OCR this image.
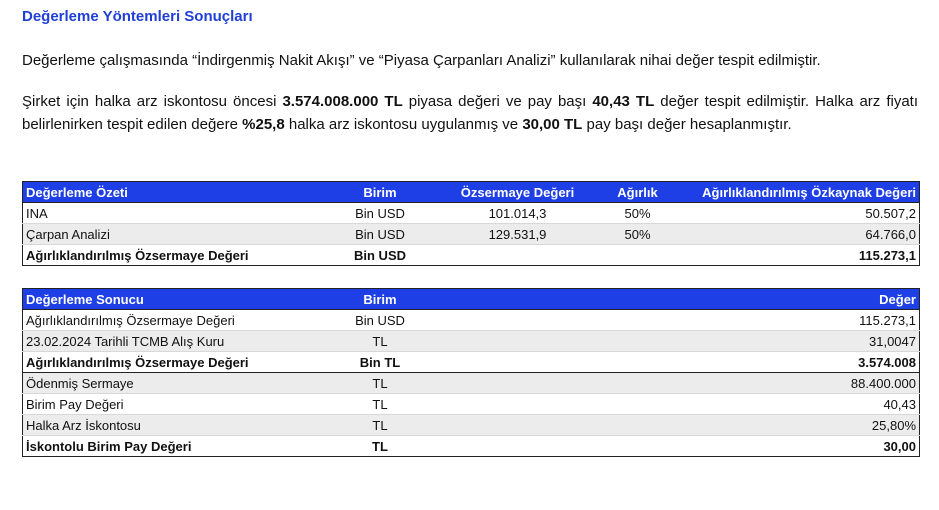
Değerleme Yöntemleri Sonuçları

Değerleme çalışmasında “İndirgenmiş Nakit Akışı” ve “Piyasa Çarpanları Analizi” kullanılarak nihai değer tespit edilmiştir.

Şirket için halka arz iskontosu öncesi 3.574.008.000 TL piyasa değeri ve pay başı 40,43 TL değer tespit edilmiştir. Halka arz fiyatı belirlenirken tespit edilen değere %25,8 halka arz iskontosu uygulanmış ve 30,00 TL pay başı değer hesaplanmıştır.

Değerleme Özeti	Birim	Özsermaye Değeri	Ağırlık	Ağırlıklandırılmış Özkaynak Değeri
INA	Bin USD	101.014,3	50%	50.507,2
Çarpan Analizi	Bin USD	129.531,9	50%	64.766,0
Ağırlıklandırılmış Özsermaye Değeri	Bin USD			115.273,1
Değerleme Sonucu	Birim	Değer
Ağırlıklandırılmış Özsermaye Değeri	Bin USD	115.273,1
23.02.2024 Tarihli TCMB Alış Kuru	TL	31,0047
Ağırlıklandırılmış Özsermaye Değeri	Bin TL	3.574.008
Ödenmiş Sermaye	TL	88.400.000
Birim Pay Değeri	TL	40,43
Halka Arz İskontosu	TL	25,80%
İskontolu Birim Pay Değeri	TL	30,00
